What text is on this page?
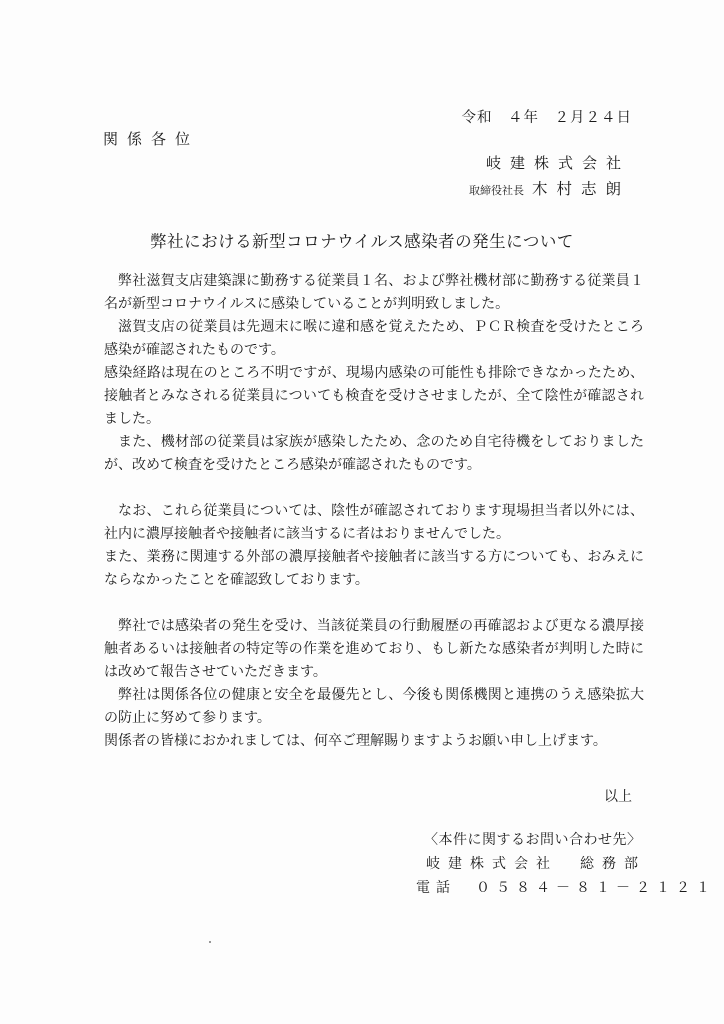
令和　４年　２月２４日
関係各位
岐建株式会社
取締役社長 木村志朗
弊社における新型コロナウイルス感染者の発生について

弊社滋賀支店建築課に勤務する従業員１名、および弊社機材部に勤務する従業員１名が新型コロナウイルスに感染していることが判明致しました。

滋賀支店の従業員は先週末に喉に違和感を覚えたため、ＰＣＲ検査を受けたところ感染が確認されたものです。

感染経路は現在のところ不明ですが、現場内感染の可能性も排除できなかったため、接触者とみなされる従業員についても検査を受けさせましたが、全て陰性が確認されました。

また、機材部の従業員は家族が感染したため、念のため自宅待機をしておりましたが、改めて検査を受けたところ感染が確認されたものです。

なお、これら従業員については、陰性が確認されております現場担当者以外には、社内に濃厚接触者や接触者に該当するに者はおりませんでした。

また、業務に関連する外部の濃厚接触者や接触者に該当する方についても、おみえにならなかったことを確認致しております。

弊社では感染者の発生を受け、当該従業員の行動履歴の再確認および更なる濃厚接触者あるいは接触者の特定等の作業を進めており、もし新たな感染者が判明した時には改めて報告させていただきます。

弊社は関係各位の健康と安全を最優先とし、今後も関係機関と連携のうえ感染拡大の防止に努めて参ります。

関係者の皆様におかれましては、何卒ご理解賜りますようお願い申し上げます。

以上
〈本件に関するお問い合わせ先〉
岐建株式会社　総務部
電話　０５８４－８１－２１２１
